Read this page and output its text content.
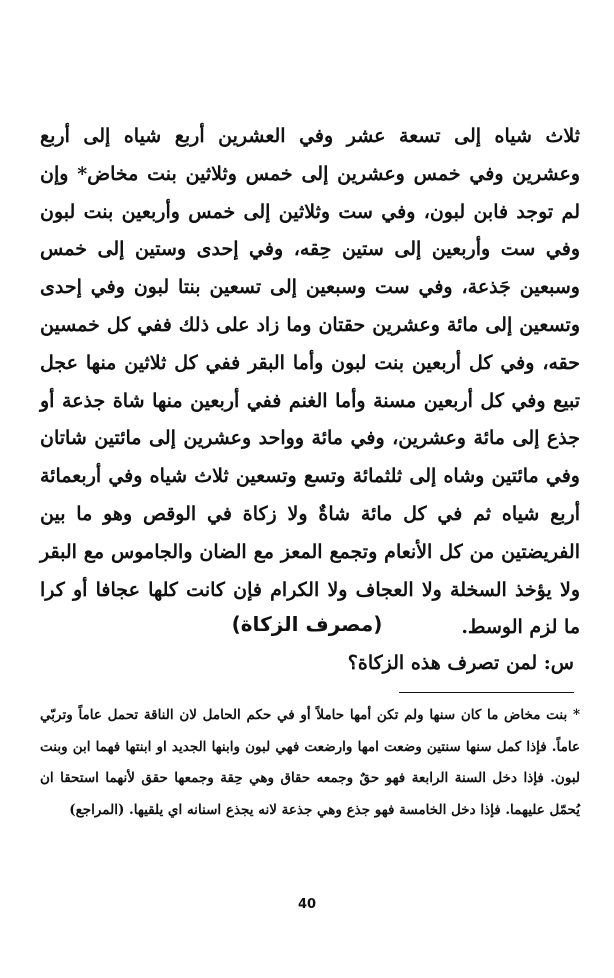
ثلاث شياه إلى تسعة عشر وفي العشرين أربع شياه إلى أربع وعشرين وفي خمس وعشرين إلى خمس وثلاثين بنت مخاض* وإن لم توجد فابن لبون، وفي ست وثلاثين إلى خمس وأربعين بنت لبون وفي ست وأربعين إلى ستين حِقه، وفي إحدى وستين إلى خمس وسبعين جَذعة، وفي ست وسبعين إلى تسعين بنتا لبون وفي إحدى وتسعين إلى مائة وعشرين حقتان وما زاد على ذلك ففي كل خمسين حقه، وفي كل أربعين بنت لبون وأما البقر ففي كل ثلاثين منها عجل تبيع وفي كل أربعين مسنة وأما الغنم ففي أربعين منها شاة جذعة أو جذع إلى مائة وعشرين، وفي مائة وواحد وعشرين إلى مائتين شاتان وفي مائتين وشاه إلى ثلثمائة وتسع وتسعين ثلاث شياه وفي أربعمائة أربع شياه ثم في كل مائة شاةٌ ولا زكاة في الوقص وهو ما بين الفريضتين من كل الأنعام وتجمع المعز مع الضان والجاموس مع البقر ولا يؤخذ السخلة ولا العجاف ولا الكرام فإن كانت كلها عجافا أو كرا ما لزم الوسط.

(مصرف الزكاة)
س: لمن تصرف هذه الزكاة؟

* بنت مخاض ما كان سنها ولم تكن أمها حاملاً أو في حكم الحامل لان الناقة تحمل عاماً وتربّي عاماً. فإذا كمل سنها سنتين وضعت امها وارضعت فهي لبون وابنها الجديد او ابنتها فهما ابن وبنت لبون. فإذا دخل السنة الرابعة فهو حقٌ وجمعه حقاق وهي حِقة وجمعها حقق لأنهما استحقا ان يُحمّل عليهما. فإذا دخل الخامسة فهو جذع وهي جذعة لانه يجذع اسنانه اي يلقيها. (المراجع)

40
